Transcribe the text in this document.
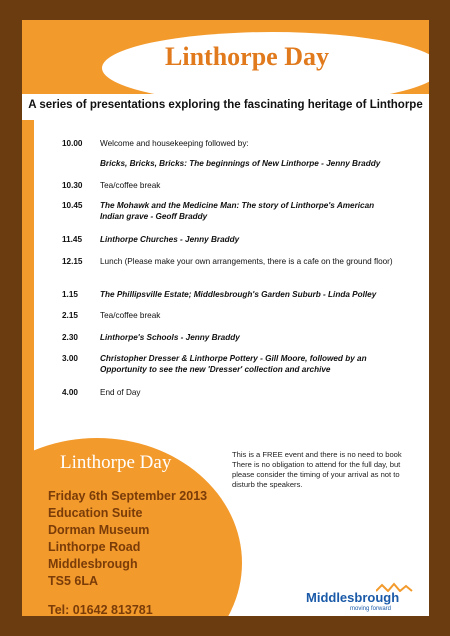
Linthorpe Day
A series of presentations exploring the fascinating heritage of Linthorpe
10.00	Welcome and housekeeping followed by:
Bricks, Bricks, Bricks: The beginnings of New Linthorpe - Jenny Braddy
10.30	Tea/coffee break
10.45	The Mohawk and the Medicine Man: The story of Linthorpe's American Indian grave - Geoff Braddy
11.45	Linthorpe Churches - Jenny Braddy
12.15	Lunch (Please make your own arrangements, there is a cafe on the ground floor)
1.15	The Phillipsville Estate; Middlesbrough's Garden Suburb - Linda Polley
2.15	Tea/coffee break
2.30	Linthorpe's Schools - Jenny Braddy
3.00	Christopher Dresser & Linthorpe Pottery - Gill Moore, followed by an Opportunity to see the new 'Dresser' collection and archive
4.00	End of Day
Linthorpe Day
Friday 6th September 2013
Education Suite
Dorman Museum
Linthorpe Road
Middlesbrough
TS5 6LA
Tel: 01642 813781
This is a FREE event and there is no need to book There is no obligation to attend for the full day, but please consider the timing of your arrival as not to disturb the speakers.
Middlesbrough
moving forward
